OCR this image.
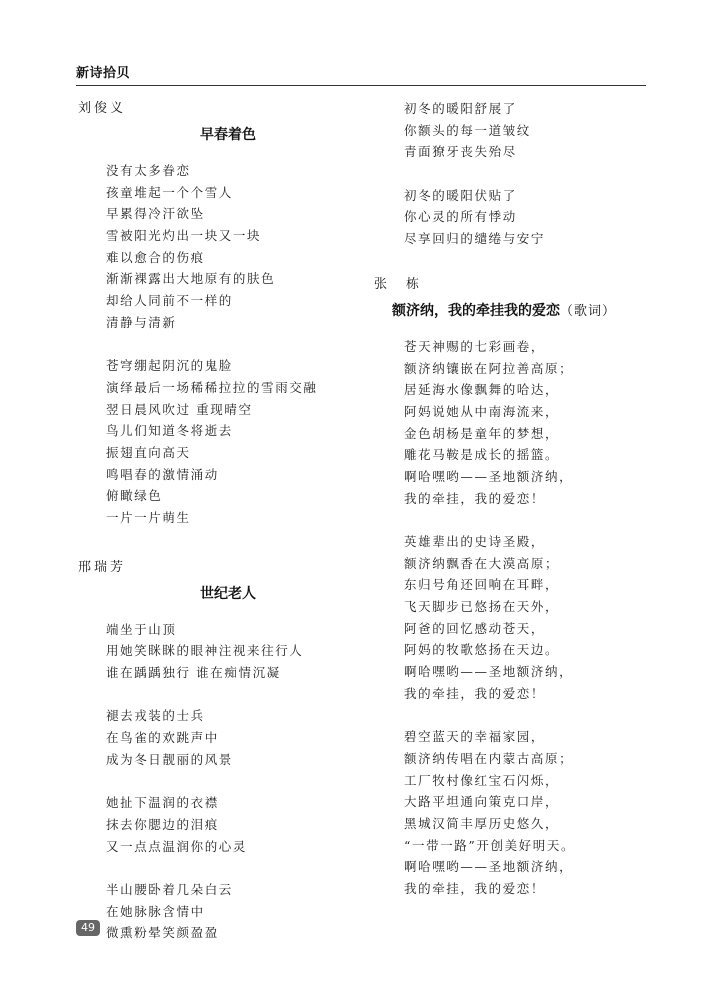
新诗拾贝
刘俊义
早春着色
没有太多眷恋
孩童堆起一个个雪人
早累得冷汗欲坠
雪被阳光灼出一块又一块
难以愈合的伤痕
渐渐裸露出大地原有的肤色
却给人同前不一样的
清静与清新
苍穹绷起阴沉的鬼脸
演绎最后一场稀稀拉拉的雪雨交融
翌日晨风吹过 重现晴空
鸟儿们知道冬将逝去
振翅直向高天
鸣唱春的激情涌动
俯瞰绿色
一片一片萌生
邢瑞芳
世纪老人
端坐于山顶
用她笑眯眯的眼神注视来往行人
谁在踽踽独行 谁在痴情沉凝
褪去戎装的士兵
在鸟雀的欢跳声中
成为冬日靓丽的风景
她扯下温润的衣襟
抹去你腮边的泪痕
又一点点温润你的心灵
半山腰卧着几朵白云
在她脉脉含情中
微熏粉晕笑颜盈盈
初冬的暖阳舒展了
你额头的每一道皱纹
青面獠牙丧失殆尽
初冬的暖阳伏贴了
你心灵的所有悸动
尽享回归的缱绻与安宁
张　栋
额济纳，我的牵挂我的爱恋（歌词）
苍天神赐的七彩画卷，
额济纳镶嵌在阿拉善高原；
居延海水像飘舞的哈达，
阿妈说她从中南海流来，
金色胡杨是童年的梦想，
雕花马鞍是成长的摇篮。
啊哈嘿哟——圣地额济纳，
我的牵挂，我的爱恋！
英雄辈出的史诗圣殿，
额济纳飘香在大漠高原；
东归号角还回响在耳畔，
飞天脚步已悠扬在天外，
阿爸的回忆感动苍天，
阿妈的牧歌悠扬在天边。
啊哈嘿哟——圣地额济纳，
我的牵挂，我的爱恋！
碧空蓝天的幸福家园，
额济纳传唱在内蒙古高原；
工厂牧村像红宝石闪烁，
大路平坦通向策克口岸，
黑城汉简丰厚历史悠久，
“一带一路”开创美好明天。
啊哈嘿哟——圣地额济纳，
我的牵挂，我的爱恋！
49
